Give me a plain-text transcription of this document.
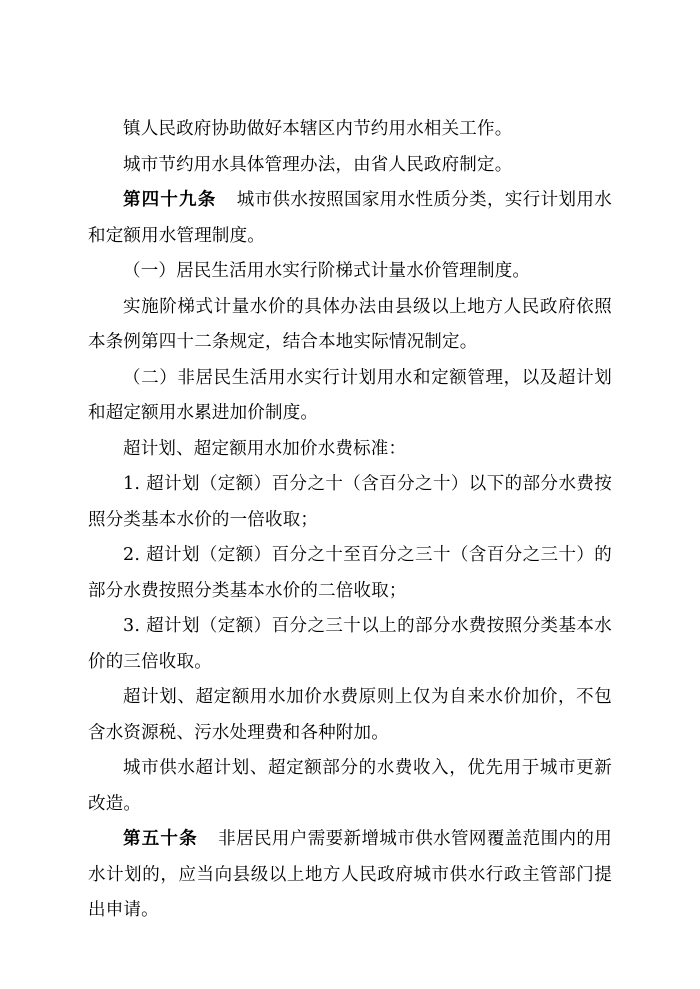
镇人民政府协助做好本辖区内节约用水相关工作。

城市节约用水具体管理办法，由省人民政府制定。

第四十九条 城市供水按照国家用水性质分类，实行计划用水和定额用水管理制度。

（一）居民生活用水实行阶梯式计量水价管理制度。

实施阶梯式计量水价的具体办法由县级以上地方人民政府依照本条例第四十二条规定，结合本地实际情况制定。

（二）非居民生活用水实行计划用水和定额管理，以及超计划和超定额用水累进加价制度。

超计划、超定额用水加价水费标准：

1. 超计划（定额）百分之十（含百分之十）以下的部分水费按照分类基本水价的一倍收取；

2. 超计划（定额）百分之十至百分之三十（含百分之三十）的部分水费按照分类基本水价的二倍收取；

3. 超计划（定额）百分之三十以上的部分水费按照分类基本水价的三倍收取。

超计划、超定额用水加价水费原则上仅为自来水价加价，不包含水资源税、污水处理费和各种附加。

城市供水超计划、超定额部分的水费收入，优先用于城市更新改造。

第五十条 非居民用户需要新增城市供水管网覆盖范围内的用水计划的，应当向县级以上地方人民政府城市供水行政主管部门提出申请。
